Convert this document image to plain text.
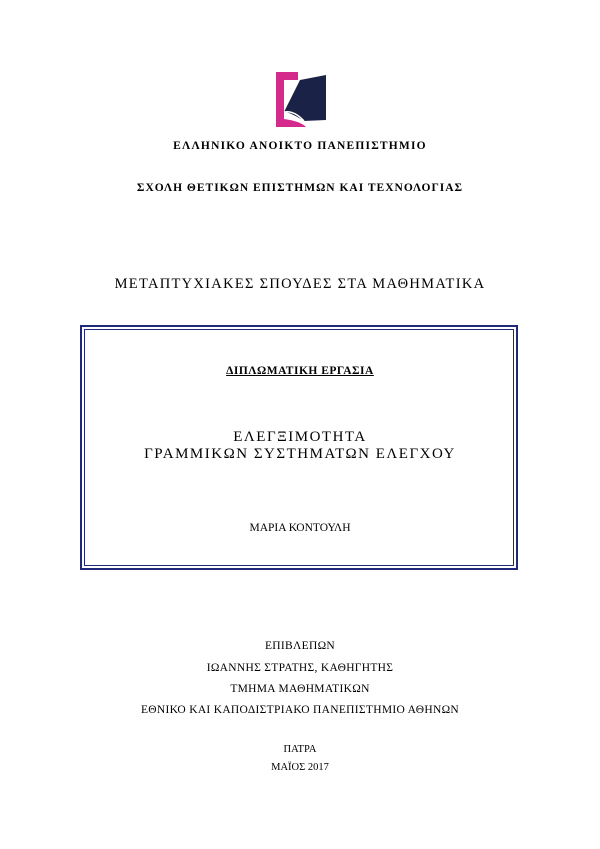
ΕΛΛΗΝΙΚΟ ΑΝΟΙΚΤΟ ΠΑΝΕΠΙΣΤΗΜΙΟ
ΣΧΟΛΗ ΘΕΤΙΚΩΝ ΕΠΙΣΤΗΜΩΝ ΚΑΙ ΤΕΧΝΟΛΟΓΙΑΣ
ΜΕΤΑΠΤΥΧΙΑΚΕΣ ΣΠΟΥΔΕΣ ΣΤΑ ΜΑΘΗΜΑΤΙΚΑ
ΔΙΠΛΩΜΑΤΙΚΗ ΕΡΓΑΣΙΑ
ΕΛΕΓΞΙΜΟΤΗΤΑ
ΓΡΑΜΜΙΚΩΝ ΣΥΣΤΗΜΑΤΩΝ ΕΛΕΓΧΟΥ
ΜΑΡΙΑ ΚΟΝΤΟΥΛΗ
ΕΠΙΒΛΕΠΩΝ
ΙΩΑΝΝΗΣ ΣΤΡΑΤΗΣ, ΚΑΘΗΓΗΤΗΣ
ΤΜΗΜΑ ΜΑΘΗΜΑΤΙΚΩΝ
ΕΘΝΙΚΟ ΚΑΙ ΚΑΠΟΔΙΣΤΡΙΑΚΟ ΠΑΝΕΠΙΣΤΗΜΙΟ ΑΘΗΝΩΝ
ΠΑΤΡΑ
ΜΑΪΟΣ 2017
